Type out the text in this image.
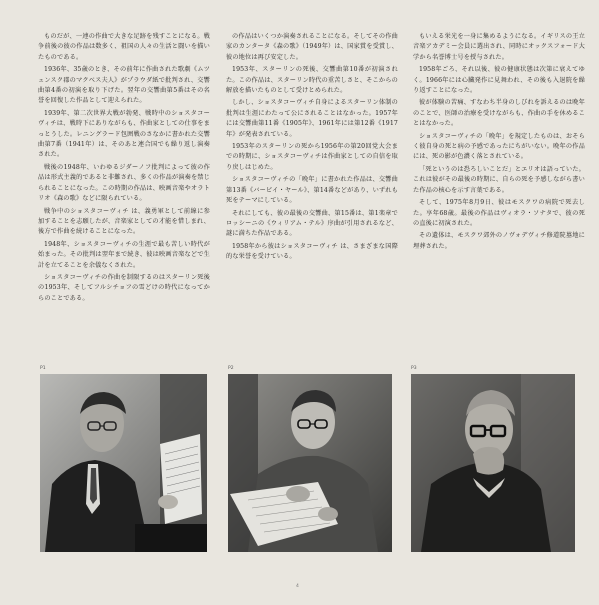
ものだが、一連の作曲で大きな足跡を残すことになる。戦争前後の彼の作品は数多く、祖国の人々の生活と闘いを描いたものである。

1936年、35歳のとき、その前年に作曲された歌劇《ムツェンスク郡のマクベス夫人》がプラウダ紙で批判され、交響曲第4番の初演を取り下げた。翌年の交響曲第5番はその名誉を回復した作品として迎えられた。

1939年、第二次世界大戦が勃発、戦時中のショスタコーヴィチは、戦時下にありながらも、作曲家としての仕事をまっとうした。レニングラード包囲戦のさなかに書かれた交響曲第7番（1941年）は、そのあと連合国でも繰り返し演奏された。

戦後の1948年、いわゆるジダーノフ批判によって彼の作品は形式主義的であると非難され、多くの作品が演奏を禁じられることになった。この時期の作品は、映画音楽やオラトリオ《森の歌》などに限られている。

戦争中のショスタコーヴィチ は、義勇軍として前線に参加することを志願したが、音楽家としての才能を惜しまれ、後方で作曲を続けることになった。

1948年、ショスタコーヴィチの生涯で最も苦しい時代が始まった。その批判は翌年まで続き、彼は映画音楽などで生計を立てることを余儀なくされた。

ショスタコーヴィチの作曲を制限するのはスターリン死後の1953年、そしてフルシチョフの雪どけの時代になってからのことである。

の作品はいくつか演奏されることになる。そしてその作曲家のカンタータ《森の歌》（1949年）は、国家賞を受賞し、彼の地位は再び安定した。

1953年、スターリンの死後、交響曲第10番が初演された。この作品は、スターリン時代の重苦しさと、そこからの解放を描いたものとして受けとめられた。

しかし、ショスタコーヴィチ自身によるスターリン体制の批判は生涯にわたって公にされることはなかった。1957年には交響曲第11番《1905年》、1961年には第12番《1917年》が発表されている。

1953年のスターリンの死から1956年の第20回党大会までの時期に、ショスタコーヴィチは作曲家としての自信を取り戻しはじめた。

ショスタコーヴィチの「晩年」に書かれた作品は、交響曲第13番《バービイ・ヤール》、第14番などがあり、いずれも死をテーマにしている。

それにしても、彼の最後の交響曲、第15番は、第1楽章でロッシーニの《ウィリアム・テル》序曲が引用されるなど、謎に満ちた作品である。

1958年から彼はショスタコーヴィチ は、さまざまな国際的な栄誉を受けている。

もいえる栄光を一身に集めるようになる。イギリスの王立音楽アカデミー会員に選出され、同時にオックスフォード大学から名誉博士号を授与された。

1958年ごろ、それ以後、彼の健康状態は次第に衰えてゆく。1966年には心臓発作に見舞われ、その後も入退院を繰り返すことになった。

彼が体験の苦痛、すなわち半身のしびれを訴えるのは晩年のことで、医師の治療を受けながらも、作曲の手を休めることはなかった。

ショスタコーヴィチの「晩年」を規定したものは、おそらく彼自身の死と病の予感であったにちがいない。晩年の作品には、死の影が色濃く落とされている。

「死というのは恐ろしいことだ」とエリオは語っていた。これは彼がその最後の時期に、自らの死を予感しながら書いた作品の核心を示す言葉である。

そして、1975年8月9日、彼はモスクワの病院で死去した。享年68歳。最後の作品はヴィオラ・ソナタで、彼の死の直後に初演された。

その遺体は、モスクワ郊外のノヴォデヴィチ修道院墓地に埋葬された。

P1	P2	P3
4
